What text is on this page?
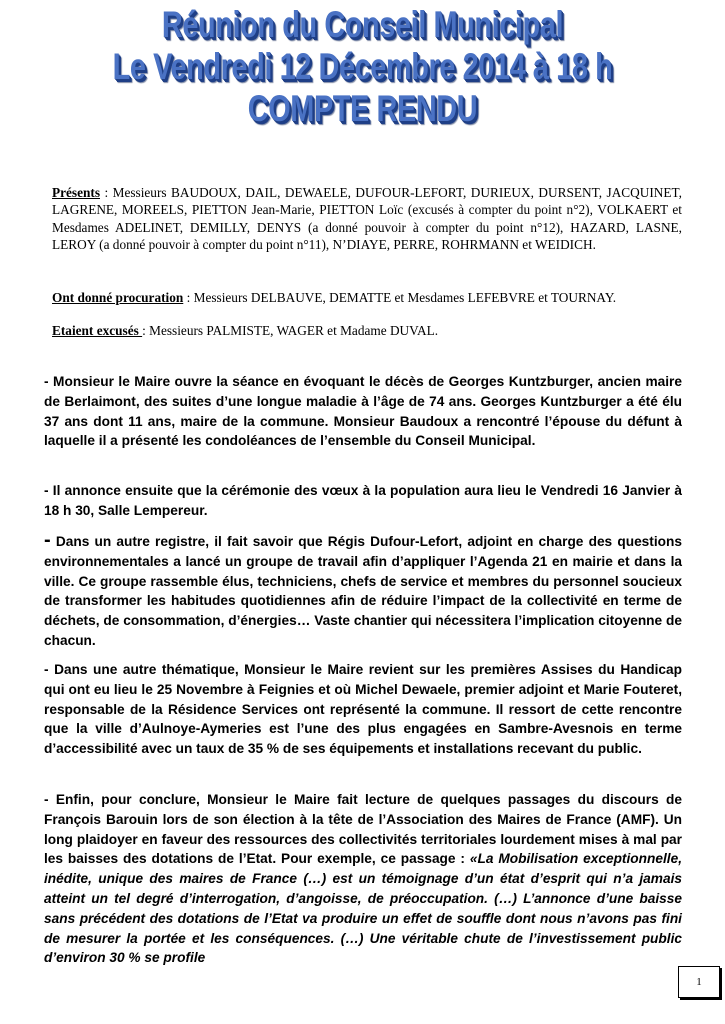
Réunion du Conseil Municipal
Le Vendredi 12 Décembre 2014 à 18 h
COMPTE RENDU
Présents : Messieurs BAUDOUX, DAIL, DEWAELE, DUFOUR-LEFORT, DURIEUX, DURSENT, JACQUINET, LAGRENE, MOREELS, PIETTON Jean-Marie, PIETTON Loïc (excusés à compter du point n°2), VOLKAERT et Mesdames ADELINET, DEMILLY, DENYS (a donné pouvoir à compter du point n°12), HAZARD, LASNE, LEROY (a donné pouvoir à compter du point n°11), N’DIAYE, PERRE, ROHRMANN et WEIDICH.
Ont donné procuration : Messieurs DELBAUVE, DEMATTE et Mesdames LEFEBVRE et TOURNAY.
Etaient excusés : Messieurs PALMISTE, WAGER et Madame DUVAL.
- Monsieur le Maire ouvre la séance en évoquant le décès de Georges Kuntzburger, ancien maire de Berlaimont, des suites d’une longue maladie à l’âge de 74 ans. Georges Kuntzburger a été élu 37 ans dont 11 ans, maire de la commune. Monsieur Baudoux a rencontré l’épouse du défunt à laquelle il a présenté les condoléances de l’ensemble du Conseil Municipal.
- Il annonce ensuite que la cérémonie des vœux à la population aura lieu le Vendredi 16 Janvier à 18 h 30, Salle Lempereur.
- Dans un autre registre, il fait savoir que Régis Dufour-Lefort, adjoint en charge des questions environnementales a lancé un groupe de travail afin d’appliquer l’Agenda 21 en mairie et dans la ville. Ce groupe rassemble élus, techniciens, chefs de service et membres du personnel soucieux de transformer les habitudes quotidiennes afin de réduire l’impact de la collectivité en terme de déchets, de consommation, d’énergies… Vaste chantier qui nécessitera l’implication citoyenne de chacun.
- Dans une autre thématique, Monsieur le Maire revient sur les premières Assises du Handicap qui ont eu lieu le 25 Novembre à Feignies et où Michel Dewaele, premier adjoint et Marie Fouteret, responsable de la Résidence Services ont représenté la commune. Il ressort de cette rencontre que la ville d’Aulnoye-Aymeries est l’une des plus engagées en Sambre-Avesnois en terme d’accessibilité avec un taux de 35 % de ses équipements et installations recevant du public.
- Enfin, pour conclure, Monsieur le Maire fait lecture de quelques passages du discours de François Barouin lors de son élection à la tête de l’Association des Maires de France (AMF). Un long plaidoyer en faveur des ressources des collectivités territoriales lourdement mises à mal par les baisses des dotations de l’Etat. Pour exemple, ce passage : «La Mobilisation exceptionnelle, inédite, unique des maires de France (…) est un témoignage d’un état d’esprit qui n’a jamais atteint un tel degré d’interrogation, d’angoisse, de préoccupation. (…) L’annonce d’une baisse sans précédent des dotations de l’Etat va produire un effet de souffle dont nous n’avons pas fini de mesurer la portée et les conséquences. (…) Une véritable chute de l’investissement public d’environ 30 % se profile
1
